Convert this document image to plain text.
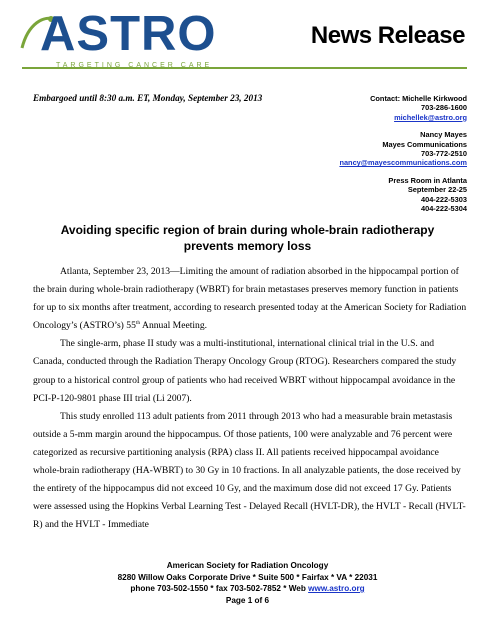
ASTRO
TARGETING CANCER CARE
News Release
Embargoed until 8:30 a.m. ET, Monday, September 23, 2013	Contact: Michelle Kirkwood
703-286-1600
michellek@astro.org
Nancy Mayes
Mayes Communications
703-772-2510
nancy@mayescommunications.com
Press Room in Atlanta
September 22-25
404-222-5303
404-222-5304
Avoiding specific region of brain during whole-brain radiotherapy
prevents memory loss

Atlanta, September 23, 2013—Limiting the amount of radiation absorbed in the hippocampal portion of the brain during whole-brain radiotherapy (WBRT) for brain metastases preserves memory function in patients for up to six months after treatment, according to research presented today at the American Society for Radiation Oncology’s (ASTRO’s) 55th Annual Meeting.

The single-arm, phase II study was a multi-institutional, international clinical trial in the U.S. and Canada, conducted through the Radiation Therapy Oncology Group (RTOG). Researchers compared the study group to a historical control group of patients who had received WBRT without hippocampal avoidance in the PCI-P-120-9801 phase III trial (Li 2007).

This study enrolled 113 adult patients from 2011 through 2013 who had a measurable brain metastasis outside a 5-mm margin around the hippocampus. Of those patients, 100 were analyzable and 76 percent were categorized as recursive partitioning analysis (RPA) class II. All patients received hippocampal avoidance whole-brain radiotherapy (HA-WBRT) to 30 Gy in 10 fractions. In all analyzable patients, the dose received by the entirety of the hippocampus did not exceed 10 Gy, and the maximum dose did not exceed 17 Gy. Patients were assessed using the Hopkins Verbal Learning Test - Delayed Recall (HVLT-DR), the HVLT - Recall (HVLT-R) and the HVLT - Immediate

American Society for Radiation Oncology
8280 Willow Oaks Corporate Drive * Suite 500 * Fairfax * VA * 22031
phone 703-502-1550 * fax 703-502-7852 * Web www.astro.org
Page 1 of 6
